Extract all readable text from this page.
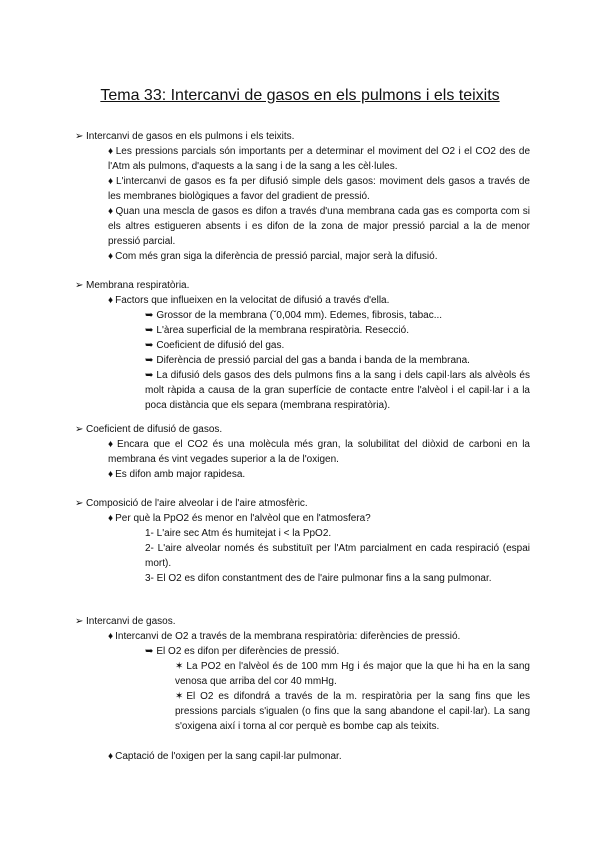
Tema 33: Intercanvi de gasos en els pulmons i els teixits
➢ Intercanvi de gasos en els pulmons i els teixits.
♦ Les pressions parcials són importants per a determinar el moviment del O2 i el CO2 des de l'Atm als pulmons, d'aquests a la sang i de la sang a les cèl·lules.
♦ L'intercanvi de gasos es fa per difusió simple dels gasos: moviment dels gasos a través de les membranes biològiques a favor del gradient de pressió.
♦ Quan una mescla de gasos es difon a través d'una membrana cada gas es comporta com si els altres estigueren absents i es difon de la zona de major pressió parcial a la de menor pressió parcial.
♦ Com més gran siga la diferència de pressió parcial, major serà la difusió.
➢ Membrana respiratòria.
♦ Factors que influeixen en la velocitat de difusió a través d'ella.
➥ Grossor de la membrana (ˇ0,004 mm). Edemes, fibrosis, tabac...
➥ L'àrea superficial de la membrana respiratòria. Resecció.
➥ Coeficient de difusió del gas.
➥ Diferència de pressió parcial del gas a banda i banda de la membrana.
➥ La difusió dels gasos des dels pulmons fins a la sang i dels capil·lars als alvèols és molt ràpida a causa de la gran superfície de contacte entre l'alvèol i el capil·lar i a la poca distància que els separa (membrana respiratòria).
➢ Coeficient de difusió de gasos.
♦ Encara que el CO2 és una molècula més gran, la solubilitat del diòxid de carboni en la membrana és vint vegades superior a la de l'oxigen.
♦ Es difon amb major rapidesa.
➢ Composició de l'aire alveolar i de l'aire atmosfèric.
♦ Per què la PpO2 és menor en l'alvèol que en l'atmosfera?
1- L'aire sec Atm és humitejat i < la PpO2.
2- L'aire alveolar només és substituït per l'Atm parcialment en cada respiració (espai mort).
3- El O2 es difon constantment des de l'aire pulmonar fins a la sang pulmonar.
➢ Intercanvi de gasos.
♦ Intercanvi de O2 a través de la membrana respiratòria: diferències de pressió.
➥ El O2 es difon per diferències de pressió.
✶ La PO2 en l'alvèol és de 100 mm Hg i és major que la que hi ha en la sang venosa que arriba del cor 40 mmHg.
✶ El O2 es difondrá a través de la m. respiratòria per la sang fins que les pressions parcials s'igualen (o fins que la sang abandone el capil·lar). La sang s'oxigena així i torna al cor perquè es bombe cap als teixits.
♦ Captació de l'oxigen per la sang capil·lar pulmonar.
